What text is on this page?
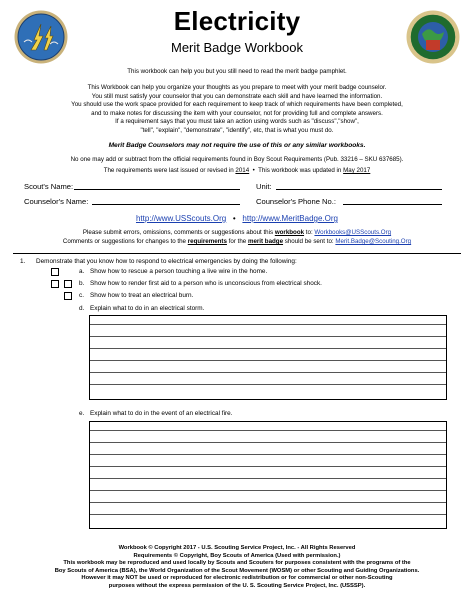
Electricity
Merit Badge Workbook
This workbook can help you but you still need to read the merit badge pamphlet.
This Workbook can help you organize your thoughts as you prepare to meet with your merit badge counselor.
You still must satisfy your counselor that you can demonstrate each skill and have learned the information.
You should use the work space provided for each requirement to keep track of which requirements have been completed,
and to make notes for discussing the item with your counselor, not for providing full and complete answers.
If a requirement says that you must take an action using words such as "discuss","show",
"tell", "explain", "demonstrate", "identify", etc, that is what you must do.
Merit Badge Counselors may not require the use of this or any similar workbooks.
No one may add or subtract from the official requirements found in Boy Scout Requirements (Pub. 33216 – SKU 637685).
The requirements were last issued or revised in 2014 • This workbook was updated in May 2017
Scout's Name:	Unit:
Counselor's Name:	Counselor's Phone No.:
http://www.USScouts.Org • http://www.MeritBadge.Org
Please submit errors, omissions, comments or suggestions about this workbook to: Workbooks@USScouts.Org
Comments or suggestions for changes to the requirements for the merit badge should be sent to: Merit.Badge@Scouting.Org
1. Demonstrate that you know how to respond to electrical emergencies by doing the following:
a. Show how to rescue a person touching a live wire in the home.
b. Show how to render first aid to a person who is unconscious from electrical shock.
c. Show how to treat an electrical burn.
d. Explain what to do in an electrical storm.
e. Explain what to do in the event of an electrical fire.
Workbook © Copyright 2017 - U.S. Scouting Service Project, Inc. - All Rights Reserved
Requirements © Copyright, Boy Scouts of America (Used with permission.)
This workbook may be reproduced and used locally by Scouts and Scouters for purposes consistent with the programs of the
Boy Scouts of America (BSA), the World Organization of the Scout Movement (WOSM) or other Scouting and Guiding Organizations.
However it may NOT be used or reproduced for electronic redistribution or for commercial or other non-Scouting
purposes without the express permission of the U. S. Scouting Service Project, Inc. (USSSP).
